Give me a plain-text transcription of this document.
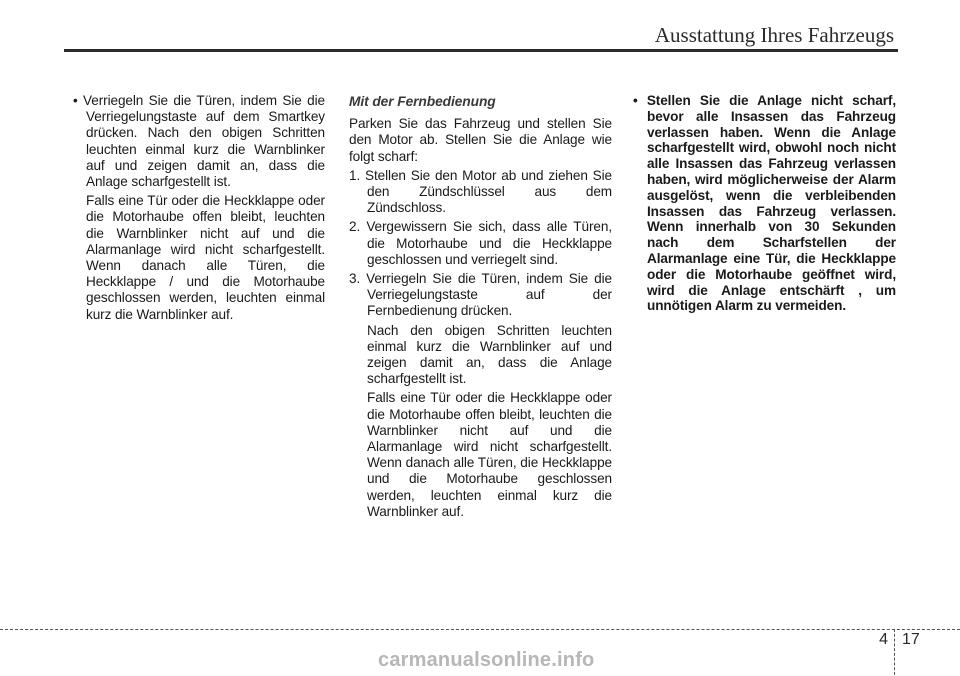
Ausstattung Ihres Fahrzeugs

• Verriegeln Sie die Türen, indem Sie die Verriegelungstaste auf dem Smartkey drücken. Nach den obigen Schritten leuchten einmal kurz die Warnblinker auf und zeigen damit an, dass die Anlage scharfgestellt ist.

Falls eine Tür oder die Heckklappe oder die Motorhaube offen bleibt, leuchten die Warnblinker nicht auf und die Alarmanlage wird nicht scharfgestellt. Wenn danach alle Türen, die Heckklappe / und die Motorhaube geschlossen werden, leuchten einmal kurz die Warnblinker auf.

Mit der Fernbedienung

Parken Sie das Fahrzeug und stellen Sie den Motor ab. Stellen Sie die Anlage wie folgt scharf:

1. Stellen Sie den Motor ab und ziehen Sie den Zündschlüssel aus dem Zündschloss.

2. Vergewissern Sie sich, dass alle Türen, die Motorhaube und die Heckklappe geschlossen und verriegelt sind.

3. Verriegeln Sie die Türen, indem Sie die Verriegelungstaste auf der Fernbedienung drücken.

Nach den obigen Schritten leuchten einmal kurz die Warnblinker auf und zeigen damit an, dass die Anlage scharfgestellt ist.

Falls eine Tür oder die Heckklappe oder die Motorhaube offen bleibt, leuchten die Warnblinker nicht auf und die Alarmanlage wird nicht scharfgestellt. Wenn danach alle Türen, die Heckklappe und die Motorhaube geschlossen werden, leuchten einmal kurz die Warnblinker auf.

• Stellen Sie die Anlage nicht scharf, bevor alle Insassen das Fahrzeug verlassen haben. Wenn die Anlage scharfgestellt wird, obwohl noch nicht alle Insassen das Fahrzeug verlassen haben, wird möglicherweise der Alarm ausgelöst, wenn die verbleibenden Insassen das Fahrzeug verlassen. Wenn innerhalb von 30 Sekunden nach dem Scharfstellen der Alarmanlage eine Tür, die Heckklappe oder die Motorhaube geöffnet wird, wird die Anlage entschärft , um unnötigen Alarm zu vermeiden.

4 17
carmanualsonline.info
